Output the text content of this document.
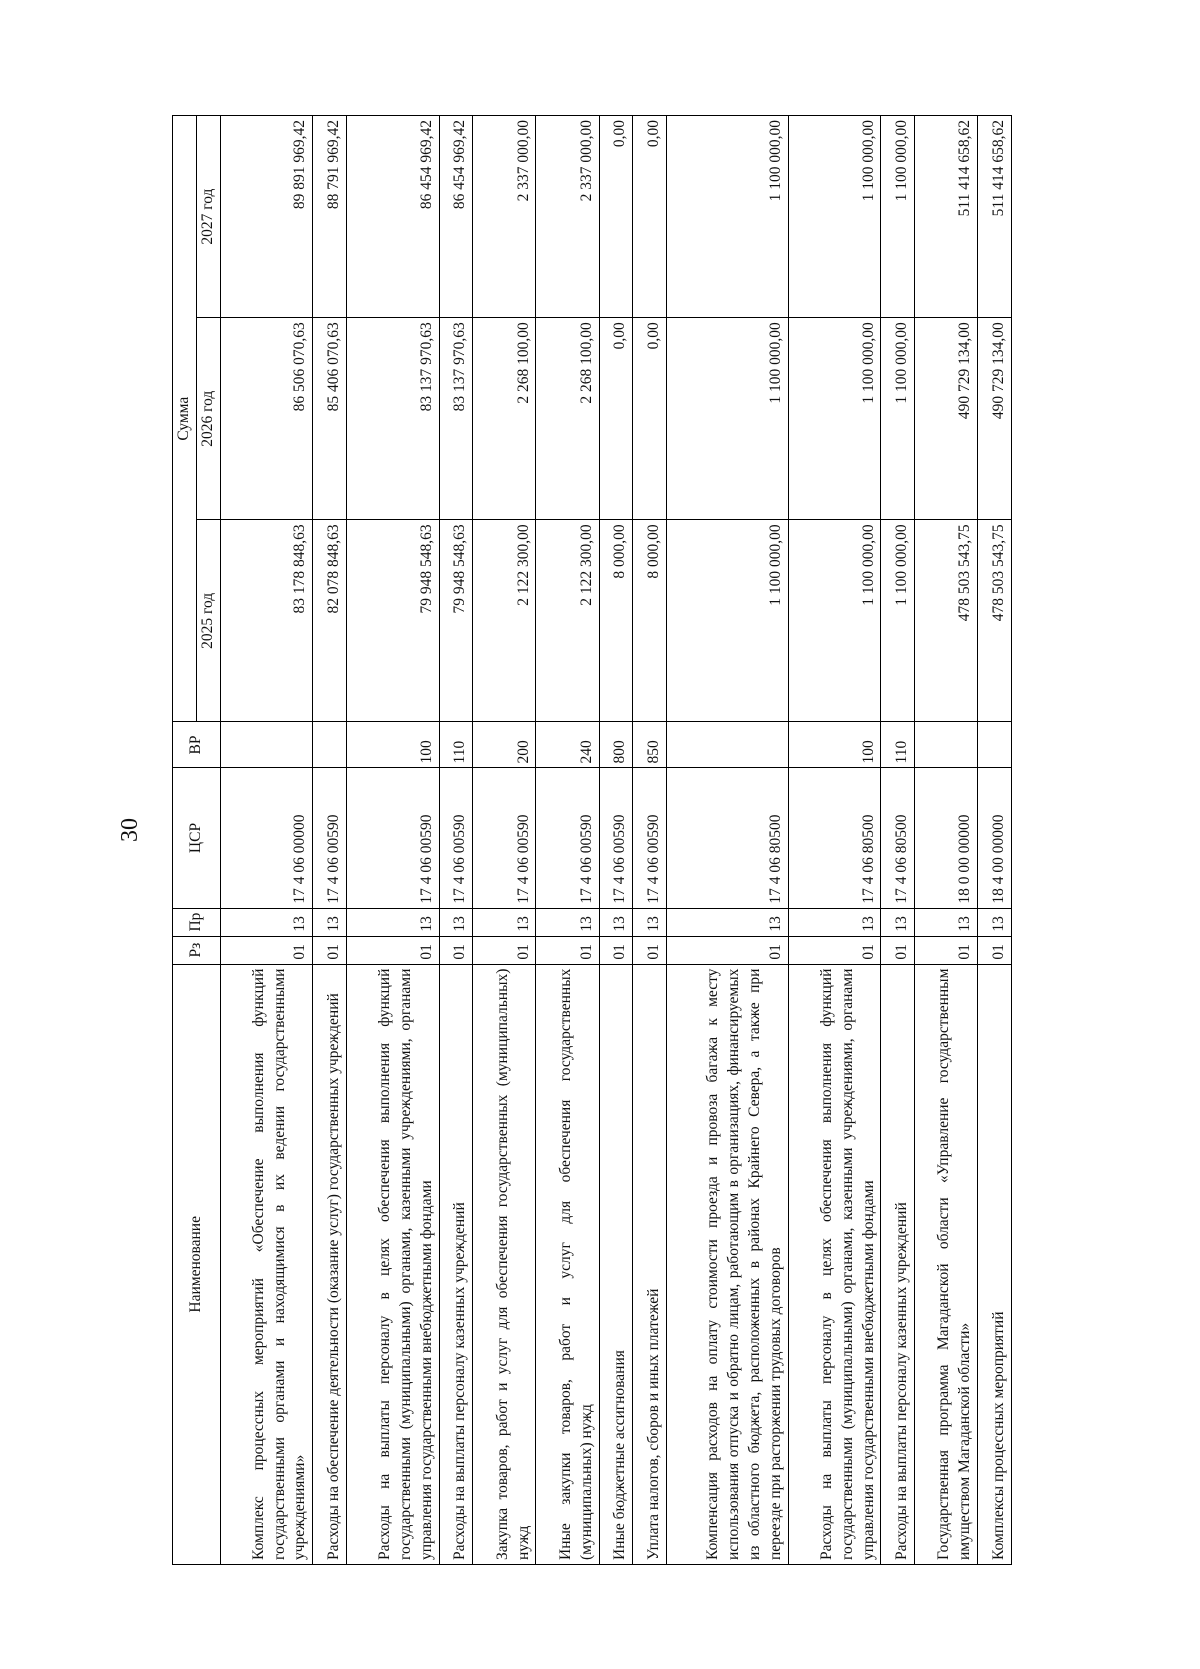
30
Наименование	Рз	Пр	ЦСР	ВР	Сумма		
					2025 год	2026 год	2027 год
Комплекс процессных мероприятий «Обеспечение выполнения функций государственными органами и находящимися в их ведении государственными учреждениями»	01	13	17 4 06 00000		83 178 848,63	86 506 070,63	89 891 969,42
Расходы на обеспечение деятельности (оказание услуг) государственных учреждений	01	13	17 4 06 00590		82 078 848,63	85 406 070,63	88 791 969,42
Расходы на выплаты персоналу в целях обеспечения выполнения функций государственными (муниципальными) органами, казенными учреждениями, органами управления государственными внебюджетными фондами	01	13	17 4 06 00590	100	79 948 548,63	83 137 970,63	86 454 969,42
Расходы на выплаты персоналу казенных учреждений	01	13	17 4 06 00590	110	79 948 548,63	83 137 970,63	86 454 969,42
Закупка товаров, работ и услуг для обеспечения государственных (муниципальных) нужд	01	13	17 4 06 00590	200	2 122 300,00	2 268 100,00	2 337 000,00
Иные закупки товаров, работ и услуг для обеспечения государственных (муниципальных) нужд	01	13	17 4 06 00590	240	2 122 300,00	2 268 100,00	2 337 000,00
Иные бюджетные ассигнования	01	13	17 4 06 00590	800	8 000,00	0,00	0,00
Уплата налогов, сборов и иных платежей	01	13	17 4 06 00590	850	8 000,00	0,00	0,00
Компенсация расходов на оплату стоимости проезда и провоза багажа к месту использования отпуска и обратно лицам, работающим в организациях, финансируемых из областного бюджета, расположенных в районах Крайнего Севера, а также при переезде при расторжении трудовых договоров	01	13	17 4 06 80500		1 100 000,00	1 100 000,00	1 100 000,00
Расходы на выплаты персоналу в целях обеспечения выполнения функций государственными (муниципальными) органами, казенными учреждениями, органами управления государственными внебюджетными фондами	01	13	17 4 06 80500	100	1 100 000,00	1 100 000,00	1 100 000,00
Расходы на выплаты персоналу казенных учреждений	01	13	17 4 06 80500	110	1 100 000,00	1 100 000,00	1 100 000,00
Государственная программа Магаданской области «Управление государственным имуществом Магаданской области»	01	13	18 0 00 00000		478 503 543,75	490 729 134,00	511 414 658,62
Комплексы процессных мероприятий	01	13	18 4 00 00000		478 503 543,75	490 729 134,00	511 414 658,62
